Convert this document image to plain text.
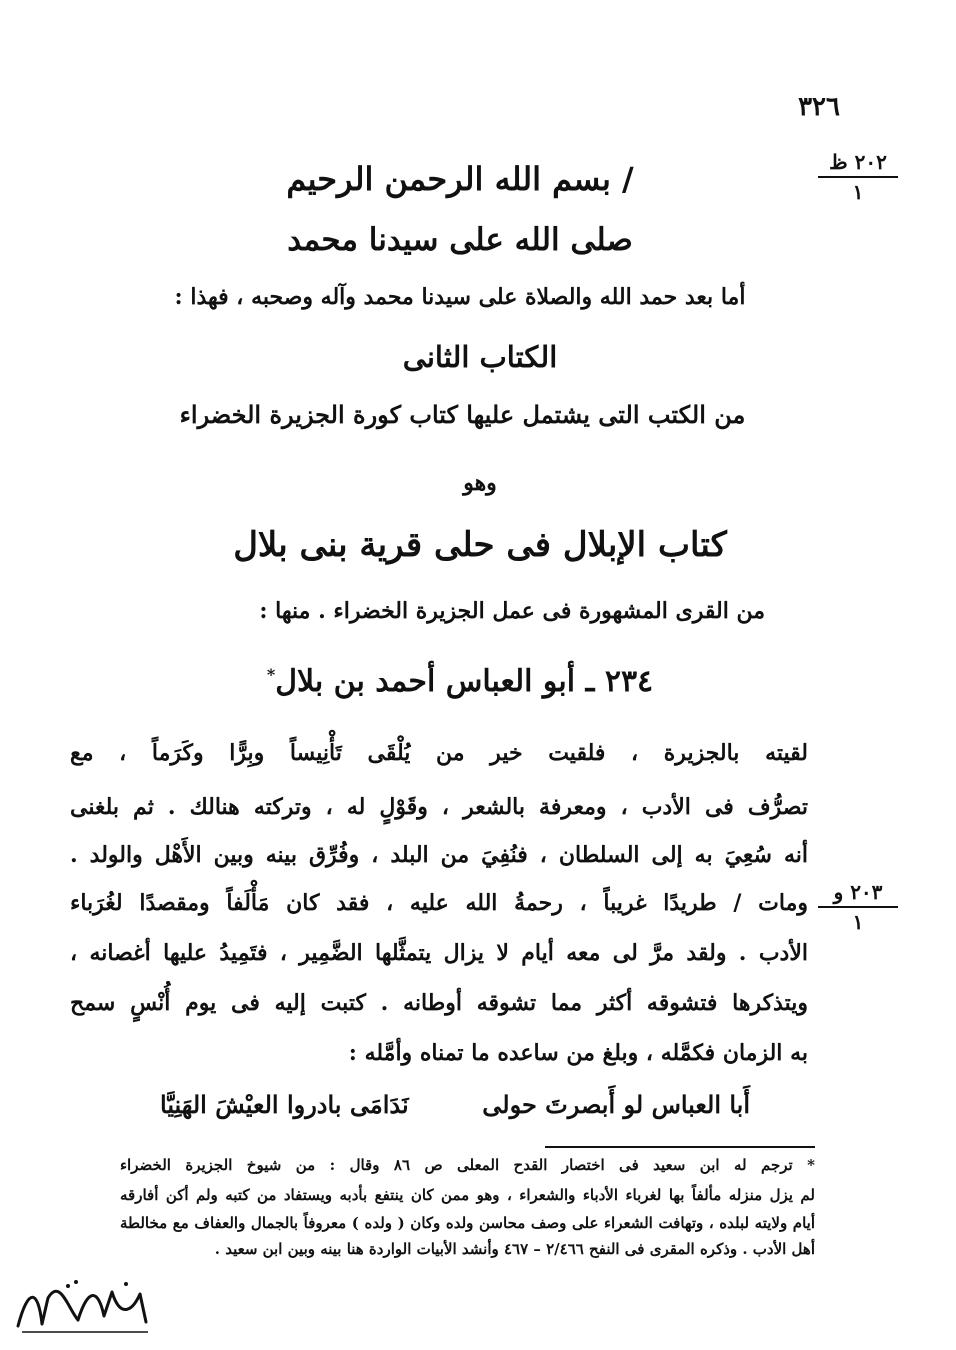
٣٢٦
٢٠٢ ظ
١
٢٠٣ و
١
/ بسم الله الرحمن الرحيم
صلى الله على سيدنا محمد
أما بعد حمد الله والصلاة على سيدنا محمد وآله وصحبه ، فهذا :
الكتاب الثانى
من الكتب التى يشتمل عليها كتاب كورة الجزيرة الخضراء
وهو
كتاب الإبلال فى حلى قرية بنى بلال
من القرى المشهورة فى عمل الجزيرة الخضراء . منها :
٢٣٤ ـ أبو العباس أحمد بن بلال*
لقيته بالجزيرة ، فلقيت خير من يُلْقَى تَأْنِيساً وبِرًّا وكَرَماً ، مع
تصرُّف فى الأدب ، ومعرفة بالشعر ، وقَوْلٍ له ، وتركته هنالك . ثم بلغنى
أنه سُعِيَ به إلى السلطان ، فنُفِيَ من البلد ، وفُرِّق بينه وبين الأَهْل والولد .
ومات / طريدًا غريباً ، رحمةُ الله عليه ، فقد كان مَأْلَفاً ومقصدًا لغُرَباء
الأدب . ولقد مرَّ لى معه أيام لا يزال يتمثَّلها الضَّمِير ، فتَمِيدُ عليها أغصانه ،
ويتذكرها فتشوقه أكثر مما تشوقه أوطانه . كتبت إليه فى يوم أُنْسٍ سمح
به الزمان فكمَّله ، وبلغ من ساعده ما تمناه وأمَّله :
أَبا العباس لو أَبصرتَ حولى
نَدَامَى بادروا العيْشَ الهَنِيَّا
* ترجم له ابن سعيد فى اختصار القدح المعلى ص ٨٦ وقال : من شيوخ الجزيرة الخضراء
لم يزل منزله مألفاً بها لغرباء الأدباء والشعراء ، وهو ممن كان ينتفع بأدبه ويستفاد من كتبه ولم أكن أفارقه
أيام ولايته لبلده ، وتهافت الشعراء على وصف محاسن ولده وكان ( ولده ) معروفاً بالجمال والعفاف مع مخالطة
أهل الأدب . وذكره المقرى فى النفح ٢/٤٦٦ – ٤٦٧ وأنشد الأبيات الواردة هنا بينه وبين ابن سعيد .
